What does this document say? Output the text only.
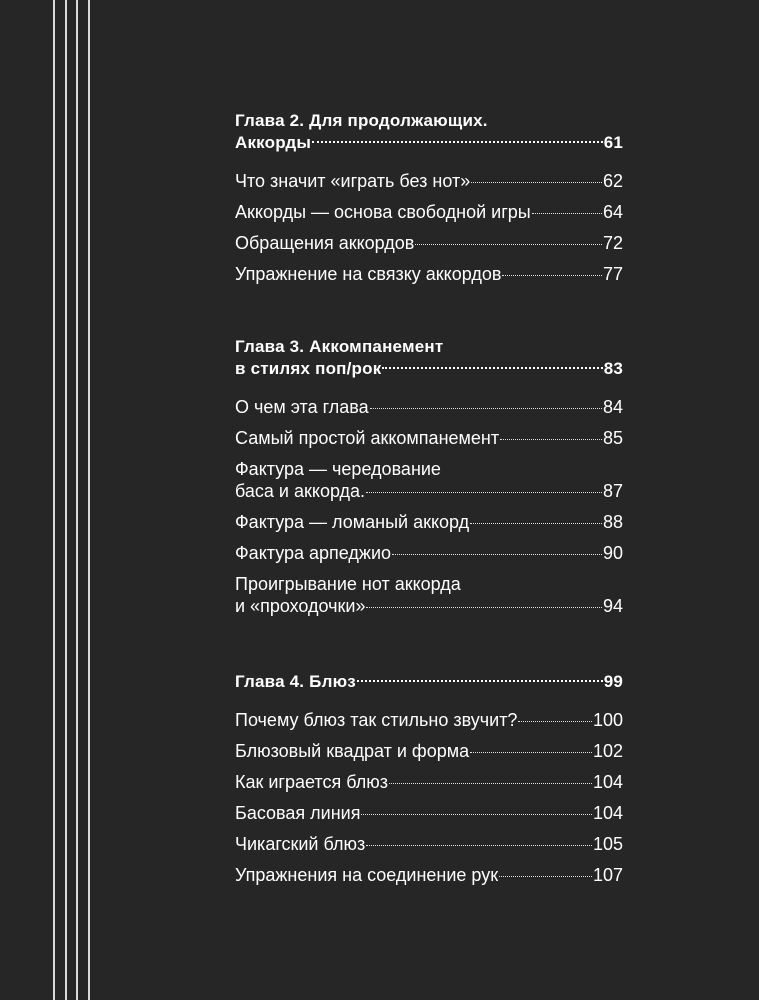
Глава 2. Для продолжающих.
Аккорды	61
Что значит «играть без нот»	62
Аккорды — основа свободной игры	64
Обращения аккордов	72
Упражнение на связку аккордов	77
Глава 3. Аккомпанемент
в стилях поп/рок	83
О чем эта глава	84
Самый простой аккомпанемент	85
Фактура — чередование
баса и аккорда.	87
Фактура — ломаный аккорд	88
Фактура арпеджио	90
Проигрывание нот аккорда
и «проходочки»	94
Глава 4. Блюз	99
Почему блюз так стильно звучит?	100
Блюзовый квадрат и форма	102
Как играется блюз	104
Басовая линия	104
Чикагский блюз	105
Упражнения на соединение рук	107
